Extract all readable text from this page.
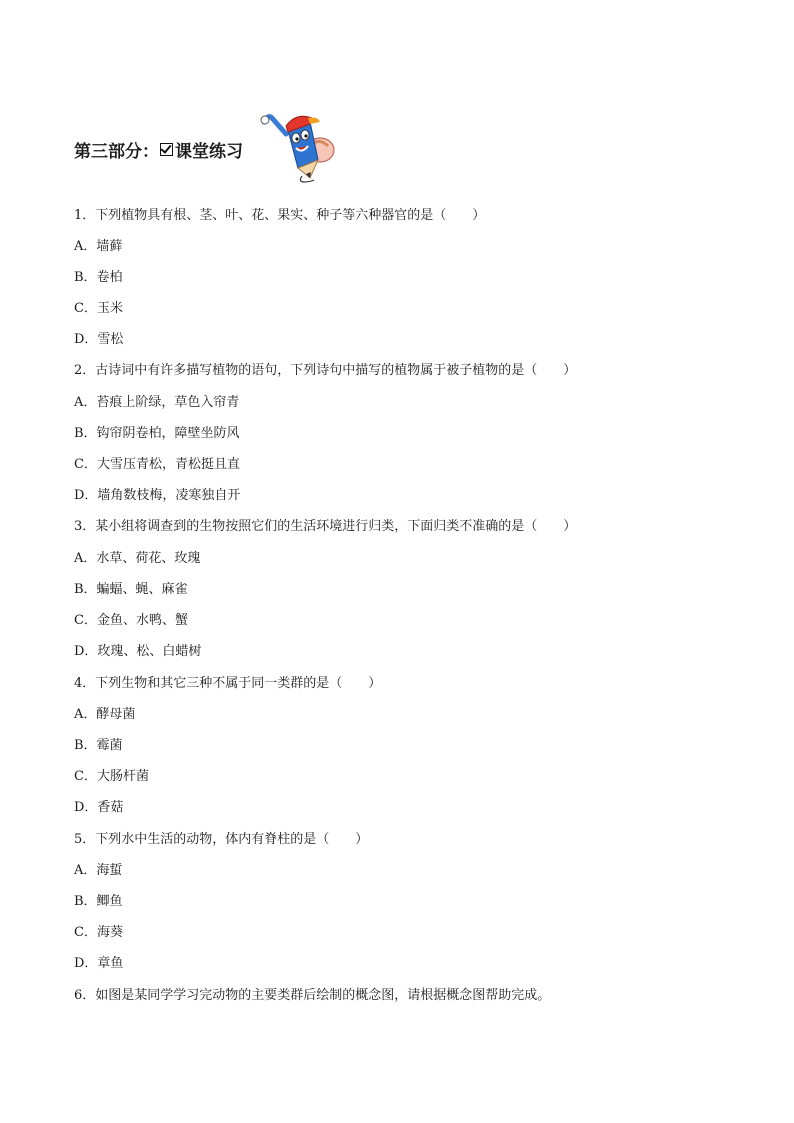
第三部分： 课堂练习
1．下列植物具有根、茎、叶、花、果实、种子等六种器官的是（　　）
A．墙藓
B．卷柏
C．玉米
D．雪松
2．古诗词中有许多描写植物的语句，下列诗句中描写的植物属于被子植物的是（　　）
A．苔痕上阶绿，草色入帘青
B．钩帘阴卷柏，障壁坐防风
C．大雪压青松，青松挺且直
D．墙角数枝梅，凌寒独自开
3．某小组将调查到的生物按照它们的生活环境进行归类，下面归类不准确的是（　　）
A．水草、荷花、玫瑰
B．蝙蝠、蝇、麻雀
C．金鱼、水鸭、蟹
D．玫瑰、松、白蜡树
4．下列生物和其它三种不属于同一类群的是（　　）
A．酵母菌
B．霉菌
C．大肠杆菌
D．香菇
5．下列水中生活的动物，体内有脊柱的是（　　）
A．海蜇
B．鲫鱼
C．海葵
D．章鱼
6．如图是某同学学习完动物的主要类群后绘制的概念图，请根据概念图帮助完成。
